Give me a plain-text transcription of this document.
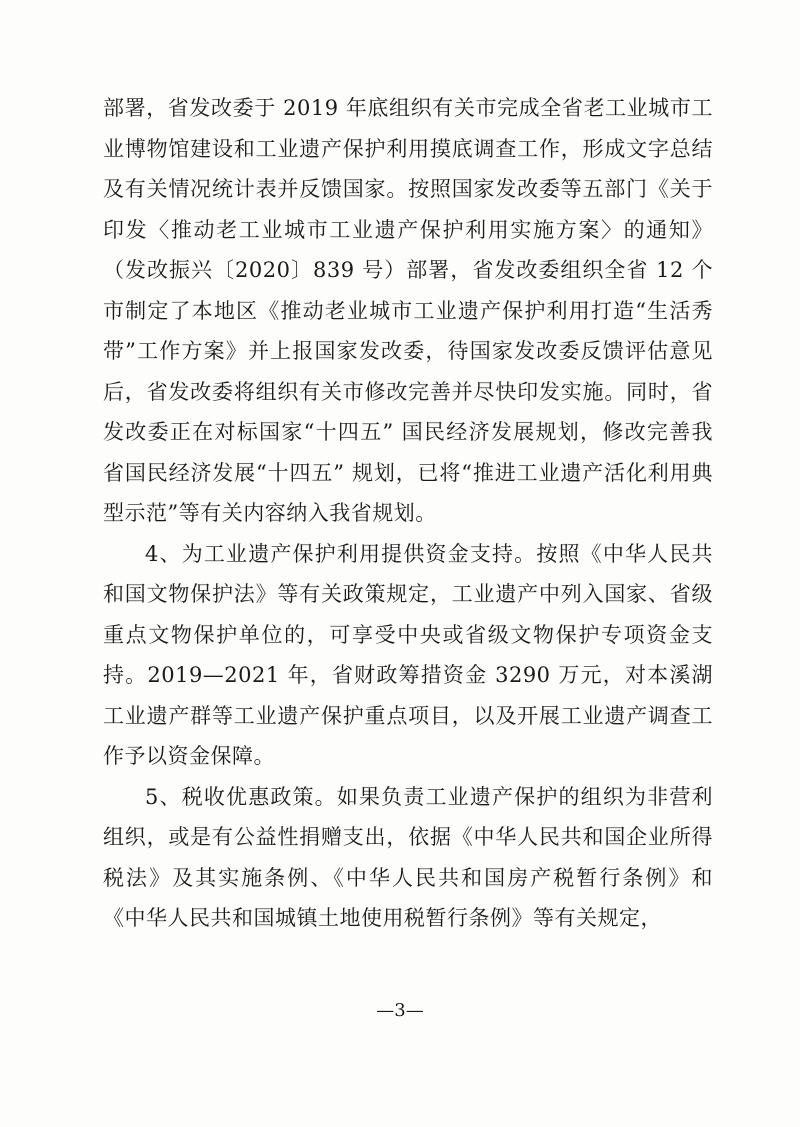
部署，省发改委于 2019 年底组织有关市完成全省老工业城市工业博物馆建设和工业遗产保护利用摸底调查工作，形成文字总结及有关情况统计表并反馈国家。按照国家发改委等五部门《关于印发〈推动老工业城市工业遗产保护利用实施方案〉的通知》（发改振兴〔2020〕839 号）部署，省发改委组织全省 12 个市制定了本地区《推动老业城市工业遗产保护利用打造“生活秀带”工作方案》并上报国家发改委，待国家发改委反馈评估意见后，省发改委将组织有关市修改完善并尽快印发实施。同时，省发改委正在对标国家“十四五” 国民经济发展规划，修改完善我省国民经济发展“十四五” 规划，已将“推进工业遗产活化利用典型示范”等有关内容纳入我省规划。

4、为工业遗产保护利用提供资金支持。按照《中华人民共和国文物保护法》等有关政策规定，工业遗产中列入国家、省级重点文物保护单位的，可享受中央或省级文物保护专项资金支持。2019—2021 年，省财政筹措资金 3290 万元，对本溪湖工业遗产群等工业遗产保护重点项目，以及开展工业遗产调查工作予以资金保障。

5、税收优惠政策。如果负责工业遗产保护的组织为非营利组织，或是有公益性捐赠支出，依据《中华人民共和国企业所得税法》及其实施条例、《中华人民共和国房产税暂行条例》和《中华人民共和国城镇土地使用税暂行条例》等有关规定，

—3—
